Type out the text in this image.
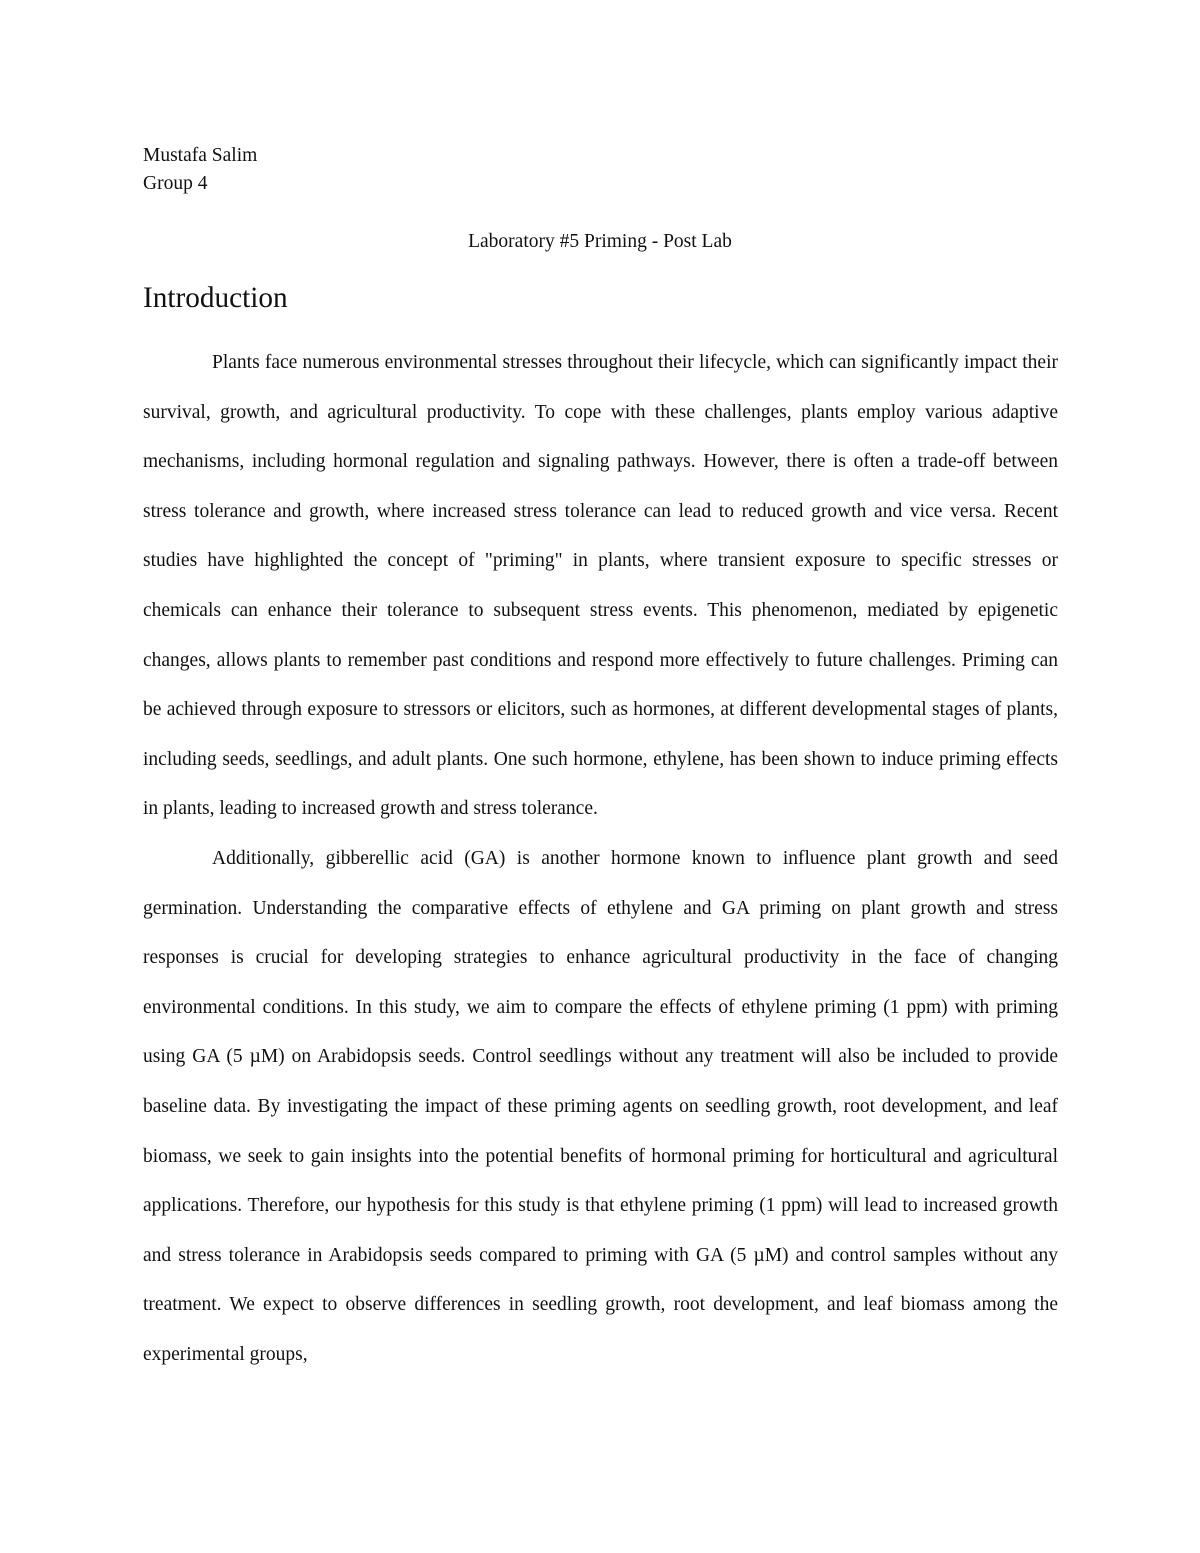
Mustafa Salim

Group 4

Laboratory #5 Priming - Post Lab

Introduction

Plants face numerous environmental stresses throughout their lifecycle, which can significantly impact their survival, growth, and agricultural productivity. To cope with these challenges, plants employ various adaptive mechanisms, including hormonal regulation and signaling pathways. However, there is often a trade-off between stress tolerance and growth, where increased stress tolerance can lead to reduced growth and vice versa. Recent studies have highlighted the concept of "priming" in plants, where transient exposure to specific stresses or chemicals can enhance their tolerance to subsequent stress events. This phenomenon, mediated by epigenetic changes, allows plants to remember past conditions and respond more effectively to future challenges. Priming can be achieved through exposure to stressors or elicitors, such as hormones, at different developmental stages of plants, including seeds, seedlings, and adult plants. One such hormone, ethylene, has been shown to induce priming effects in plants, leading to increased growth and stress tolerance.

Additionally, gibberellic acid (GA) is another hormone known to influence plant growth and seed germination. Understanding the comparative effects of ethylene and GA priming on plant growth and stress responses is crucial for developing strategies to enhance agricultural productivity in the face of changing environmental conditions. In this study, we aim to compare the effects of ethylene priming (1 ppm) with priming using GA (5 µM) on Arabidopsis seeds. Control seedlings without any treatment will also be included to provide baseline data. By investigating the impact of these priming agents on seedling growth, root development, and leaf biomass, we seek to gain insights into the potential benefits of hormonal priming for horticultural and agricultural applications. Therefore, our hypothesis for this study is that ethylene priming (1 ppm) will lead to increased growth and stress tolerance in Arabidopsis seeds compared to priming with GA (5 µM) and control samples without any treatment. We expect to observe differences in seedling growth, root development, and leaf biomass among the experimental groups,
